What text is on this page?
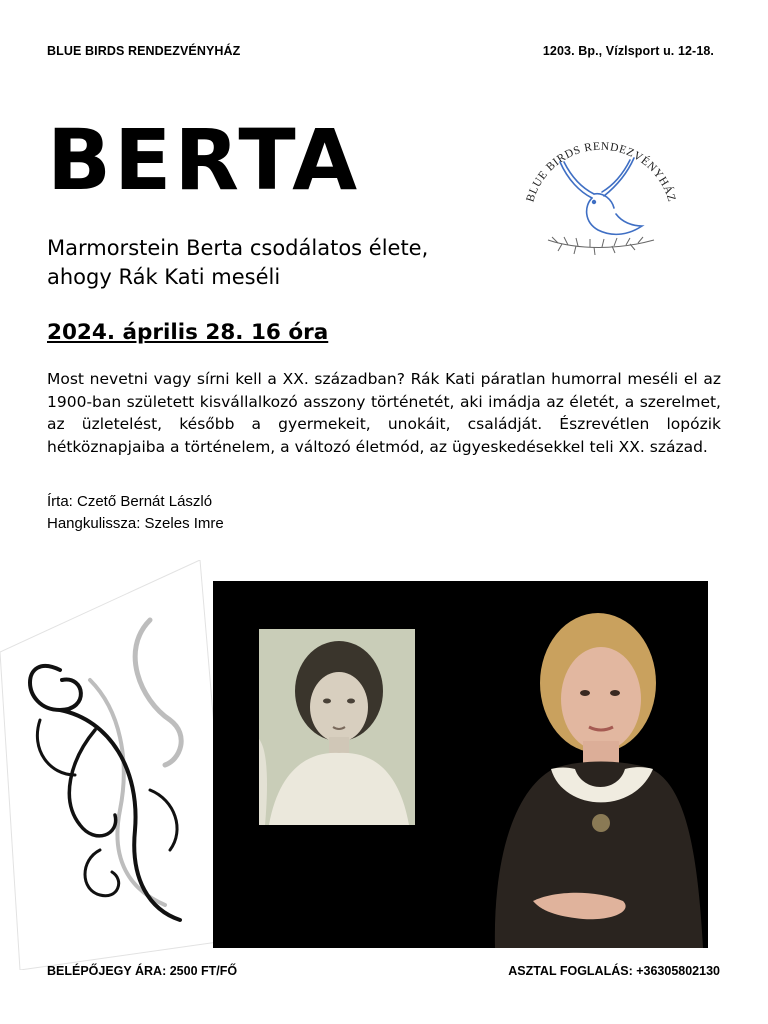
BLUE BIRDS RENDEZVÉNYHÁZ	1203. Bp., Vízlsport u. 12-18.
BERTA
Marmorstein Berta csodálatos élete, ahogy Rák Kati meséli
2024. április 28. 16 óra
Most nevetni vagy sírni kell a XX. században? Rák Kati páratlan humorral meséli el az 1900-ban született kisvállalkozó asszony történetét, aki imádja az életét, a szerelmet, az üzletelést, később a gyermekeit, unokáit, családját. Észrevétlen lopózik hétköznapjaiba a történelem, a változó életmód, az ügyeskedésekkel teli XX. század.
Írta: Czető Bernát László
Hangkulissza: Szeles Imre
BLUE BIRDS RENDEZVÉNYHÁZ
BELÉPŐJEGY ÁRA: 2500 FT/FŐ	ASZTAL FOGLALÁS: +36305802130
